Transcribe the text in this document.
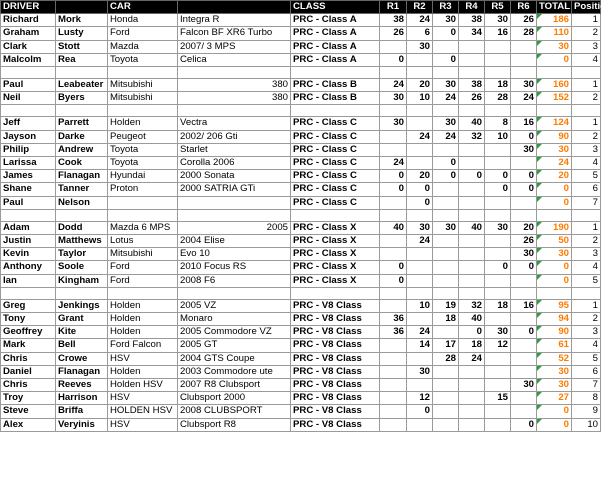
DRIVER		CAR		CLASS	R1	R2	R3	R4	R5	R6	TOTAL	Position
Richard	Mork	Honda	Integra R	PRC - Class A	38	24	30	38	30	26	186	1
Graham	Lusty	Ford	Falcon BF XR6 Turbo	PRC - Class A	26	6	0	34	16	28	110	2
Clark	Stott	Mazda	2007/ 3 MPS	PRC - Class A		30					30	3
Malcolm	Rea	Toyota	Celica	PRC - Class A	0		0				0	4

Paul	Leabeater	Mitsubishi	380	PRC - Class B	24	20	30	38	18	30	160	1
Neil	Byers	Mitsubishi	380	PRC - Class B	30	10	24	26	28	24	152	2

Jeff	Parrett	Holden	Vectra	PRC - Class C	30		30	40	8	16	124	1
Jayson	Darke	Peugeot	2002/ 206 Gti	PRC - Class C		24	24	32	10	0	90	2
Philip	Andrew	Toyota	Starlet	PRC - Class C						30	30	3
Larissa	Cook	Toyota	Corolla 2006	PRC - Class C	24		0				24	4
James	Flanagan	Hyundai	2000 Sonata	PRC - Class C	0	20	0	0	0	0	20	5
Shane	Tanner	Proton	2000 SATRIA GTi	PRC - Class C	0	0			0	0	0	6
Paul	Nelson			PRC - Class C		0					0	7

Adam	Dodd	Mazda 6 MPS	2005	PRC - Class X	40	30	30	40	30	20	190	1
Justin	Matthews	Lotus	2004 Elise	PRC - Class X		24				26	50	2
Kevin	Taylor	Mitsubishi	Evo 10	PRC - Class X						30	30	3
Anthony	Soole	Ford	2010 Focus RS	PRC - Class X	0				0	0	0	4
Ian	Kingham	Ford	2008 F6	PRC - Class X	0						0	5

Greg	Jenkings	Holden	2005 VZ	PRC - V8 Class		10	19	32	18	16	95	1
Tony	Grant	Holden	Monaro	PRC - V8 Class	36		18	40			94	2
Geoffrey	Kite	Holden	2005 Commodore VZ	PRC - V8 Class	36	24		0	30	0	90	3
Mark	Bell	Ford Falcon	2005 GT	PRC - V8 Class		14	17	18	12		61	4
Chris	Crowe	HSV	2004 GTS Coupe	PRC - V8 Class			28	24			52	5
Daniel	Flanagan	Holden	2003 Commodore ute	PRC - V8 Class		30					30	6
Chris	Reeves	Holden HSV	2007 R8 Clubsport	PRC - V8 Class						30	30	7
Troy	Harrison	HSV	Clubsport 2000	PRC - V8 Class		12			15		27	8
Steve	Briffa	HOLDEN HSV	2008 CLUBSPORT	PRC - V8 Class		0					0	9
Alex	Veryinis	HSV	Clubsport R8	PRC - V8 Class						0	0	10
